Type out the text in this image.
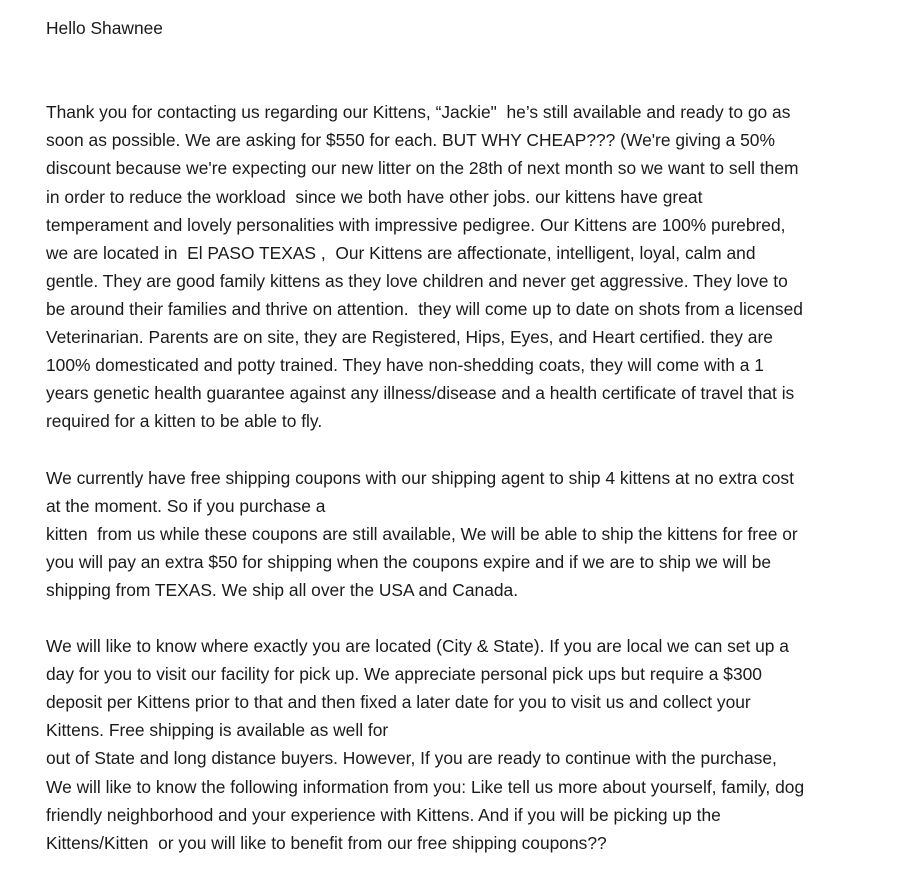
Hello Shawnee
Thank you for contacting us regarding our Kittens, “Jackie"  he’s still available and ready to go as
soon as possible. We are asking for $550 for each. BUT WHY CHEAP??? (We're giving a 50%
discount because we're expecting our new litter on the 28th of next month so we want to sell them
in order to reduce the workload  since we both have other jobs. our kittens have great
temperament and lovely personalities with impressive pedigree. Our Kittens are 100% purebred,
we are located in  El PASO TEXAS ,  Our Kittens are affectionate, intelligent, loyal, calm and
gentle. They are good family kittens as they love children and never get aggressive. They love to
be around their families and thrive on attention.  they will come up to date on shots from a licensed
Veterinarian. Parents are on site, they are Registered, Hips, Eyes, and Heart certified. they are
100% domesticated and potty trained. They have non-shedding coats, they will come with a 1
years genetic health guarantee against any illness/disease and a health certificate of travel that is
required for a kitten to be able to fly.
We currently have free shipping coupons with our shipping agent to ship 4 kittens at no extra cost
at the moment. So if you purchase a
kitten  from us while these coupons are still available, We will be able to ship the kittens for free or
you will pay an extra $50 for shipping when the coupons expire and if we are to ship we will be
shipping from TEXAS. We ship all over the USA and Canada.
We will like to know where exactly you are located (City & State). If you are local we can set up a
day for you to visit our facility for pick up. We appreciate personal pick ups but require a $300
deposit per Kittens prior to that and then fixed a later date for you to visit us and collect your
Kittens. Free shipping is available as well for
out of State and long distance buyers. However, If you are ready to continue with the purchase,
We will like to know the following information from you: Like tell us more about yourself, family, dog
friendly neighborhood and your experience with Kittens. And if you will be picking up the
Kittens/Kitten  or you will like to benefit from our free shipping coupons??
